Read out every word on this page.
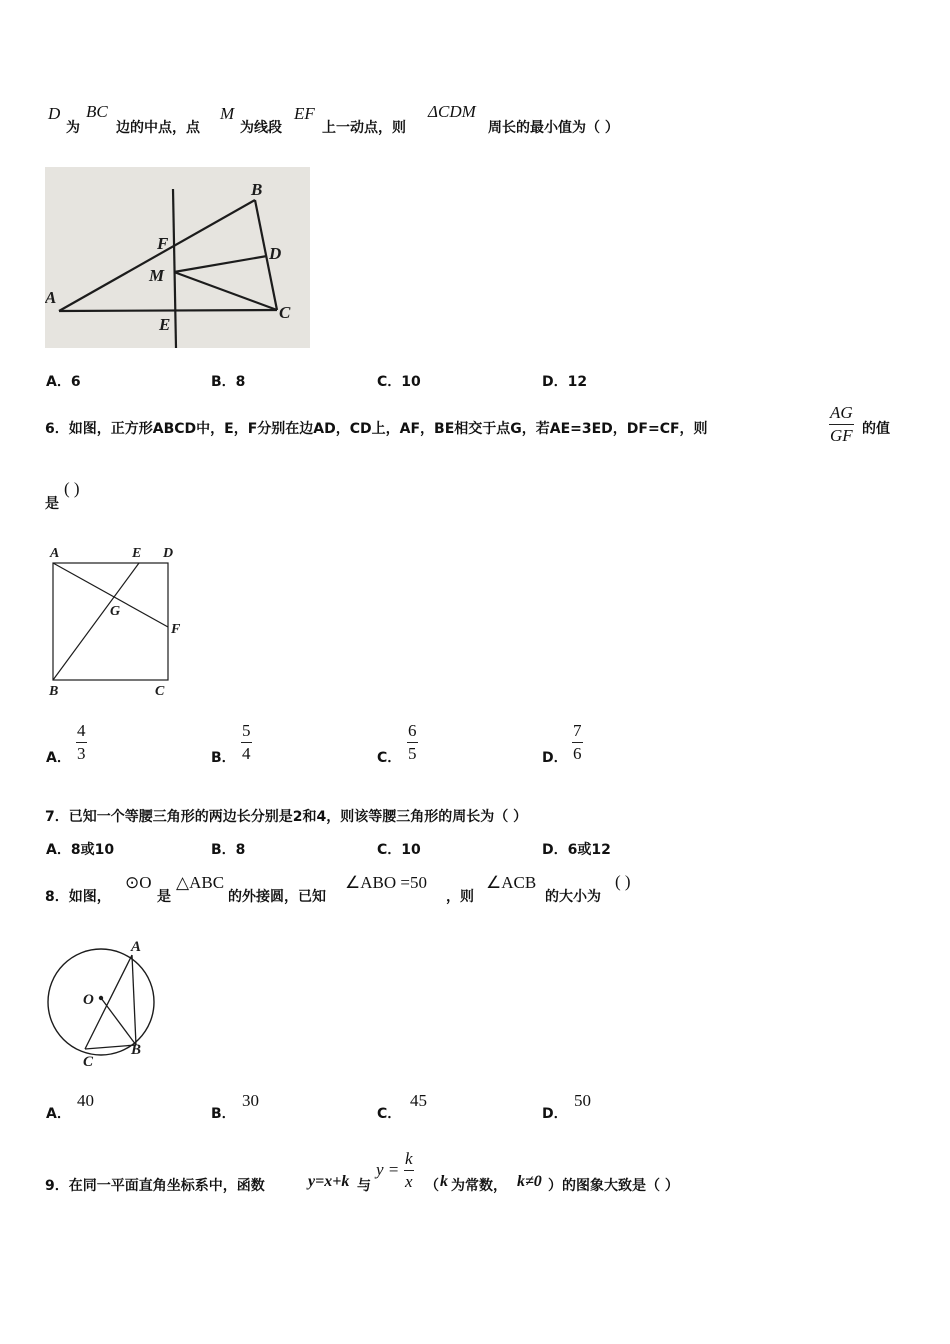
D
为
BC
边的中点，点
M
为线段
EF
上一动点，则
ΔCDM
周长的最小值为（ ）
B
F
D
M
A
C
E
A．6	B．8	C．10	D．12
6．如图，正方形ABCD中，E，F分别在边AD，CD上，AF，BE相交于点G，若AE=3ED，DF=CF，则
AG
GF 的值
是
( )
A	E D
G
F
B	C
A．
4
3	B．
5
4	C．
6
5	D．
7
6
7．已知一个等腰三角形的两边长分别是2和4，则该等腰三角形的周长为（ ）
A．8或10	B．8	C．10	D．6或12
8．如图，
⊙O
是
△ABC
的外接圆，已知
∠ABO =50
，则
∠ACB
的大小为
( )
A
O
C
B
A．
40
B．
30
C．
45
D．
50
9．在同一平面直角坐标系中，函数	y=x+k 与
y =
k
x （ k 为常数， k≠0 ）的图象大致是（ ）
